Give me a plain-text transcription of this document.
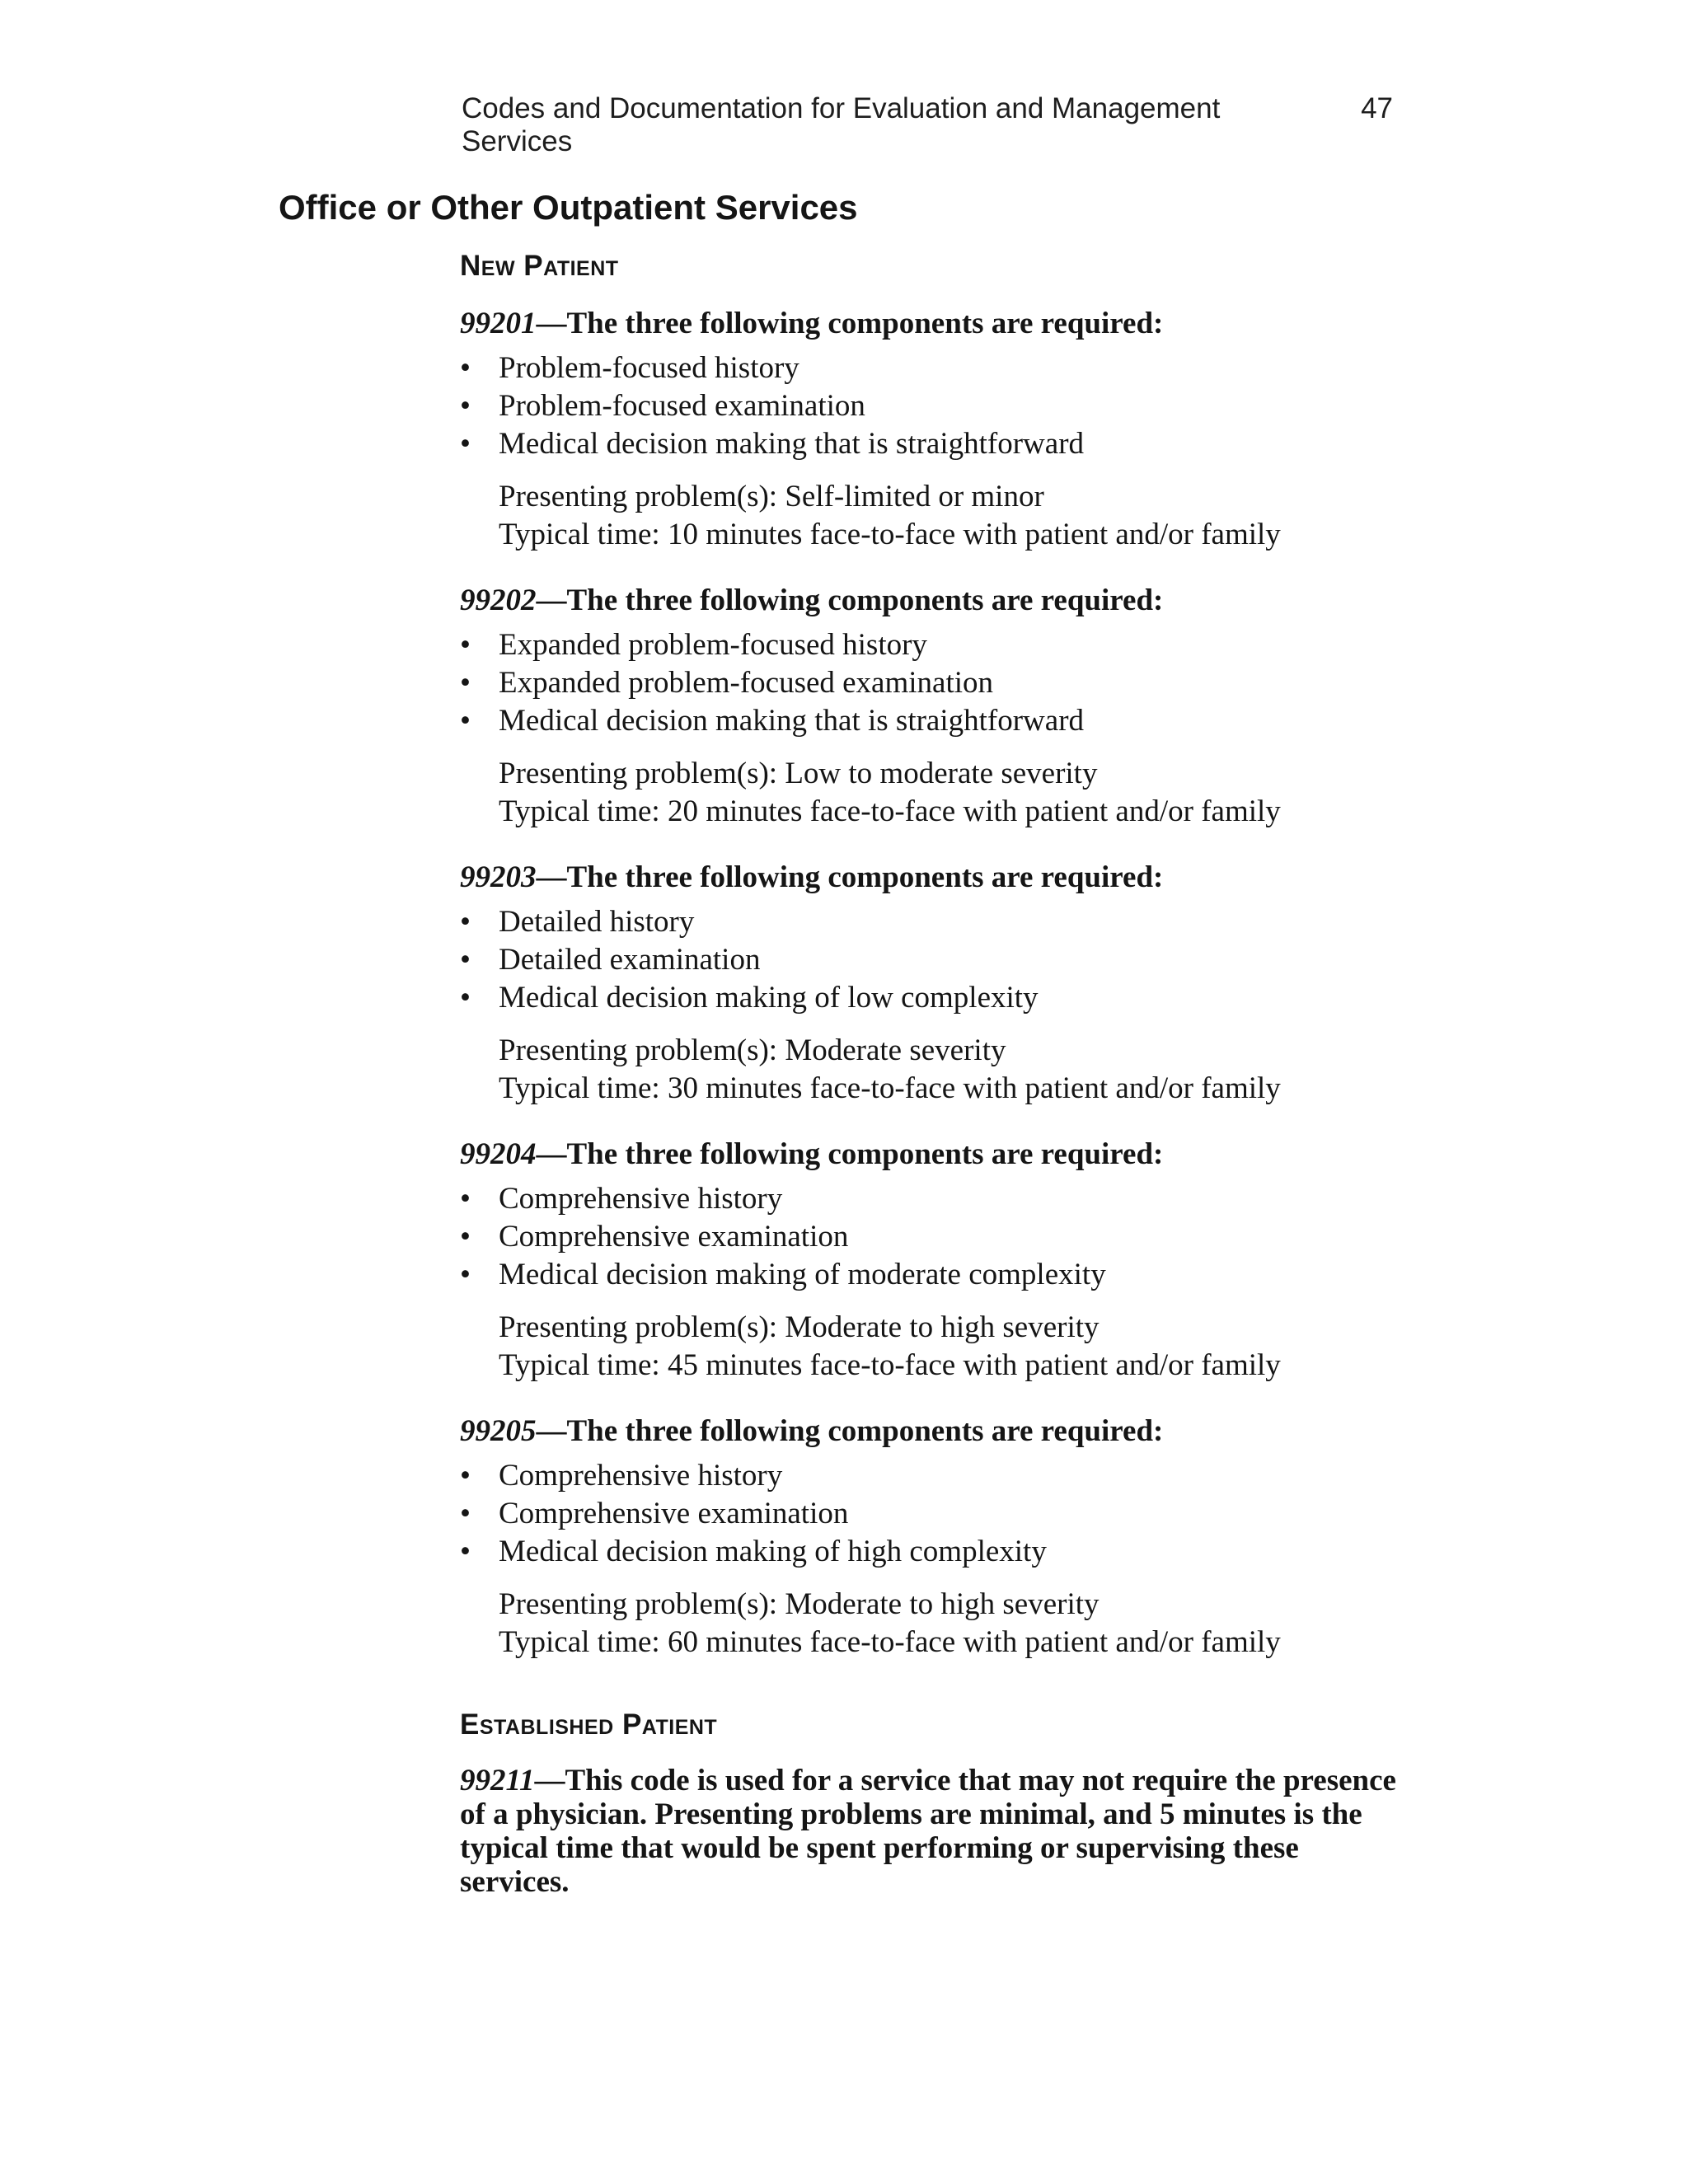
Codes and Documentation for Evaluation and Management Services
47
Office or Other Outpatient Services
New Patient
99201—The three following components are required:
• Problem-focused history
• Problem-focused examination
• Medical decision making that is straightforward

Presenting problem(s): Self-limited or minor

Typical time: 10 minutes face-to-face with patient and/or family

99202—The three following components are required:
• Expanded problem-focused history
• Expanded problem-focused examination
• Medical decision making that is straightforward

Presenting problem(s): Low to moderate severity

Typical time: 20 minutes face-to-face with patient and/or family

99203—The three following components are required:
• Detailed history
• Detailed examination
• Medical decision making of low complexity

Presenting problem(s): Moderate severity

Typical time: 30 minutes face-to-face with patient and/or family

99204—The three following components are required:
• Comprehensive history
• Comprehensive examination
• Medical decision making of moderate complexity

Presenting problem(s): Moderate to high severity

Typical time: 45 minutes face-to-face with patient and/or family

99205—The three following components are required:
• Comprehensive history
• Comprehensive examination
• Medical decision making of high complexity

Presenting problem(s): Moderate to high severity

Typical time: 60 minutes face-to-face with patient and/or family

Established Patient

99211—This code is used for a service that may not require the presence of a physician. Presenting problems are minimal, and 5 minutes is the typical time that would be spent performing or supervising these services.
